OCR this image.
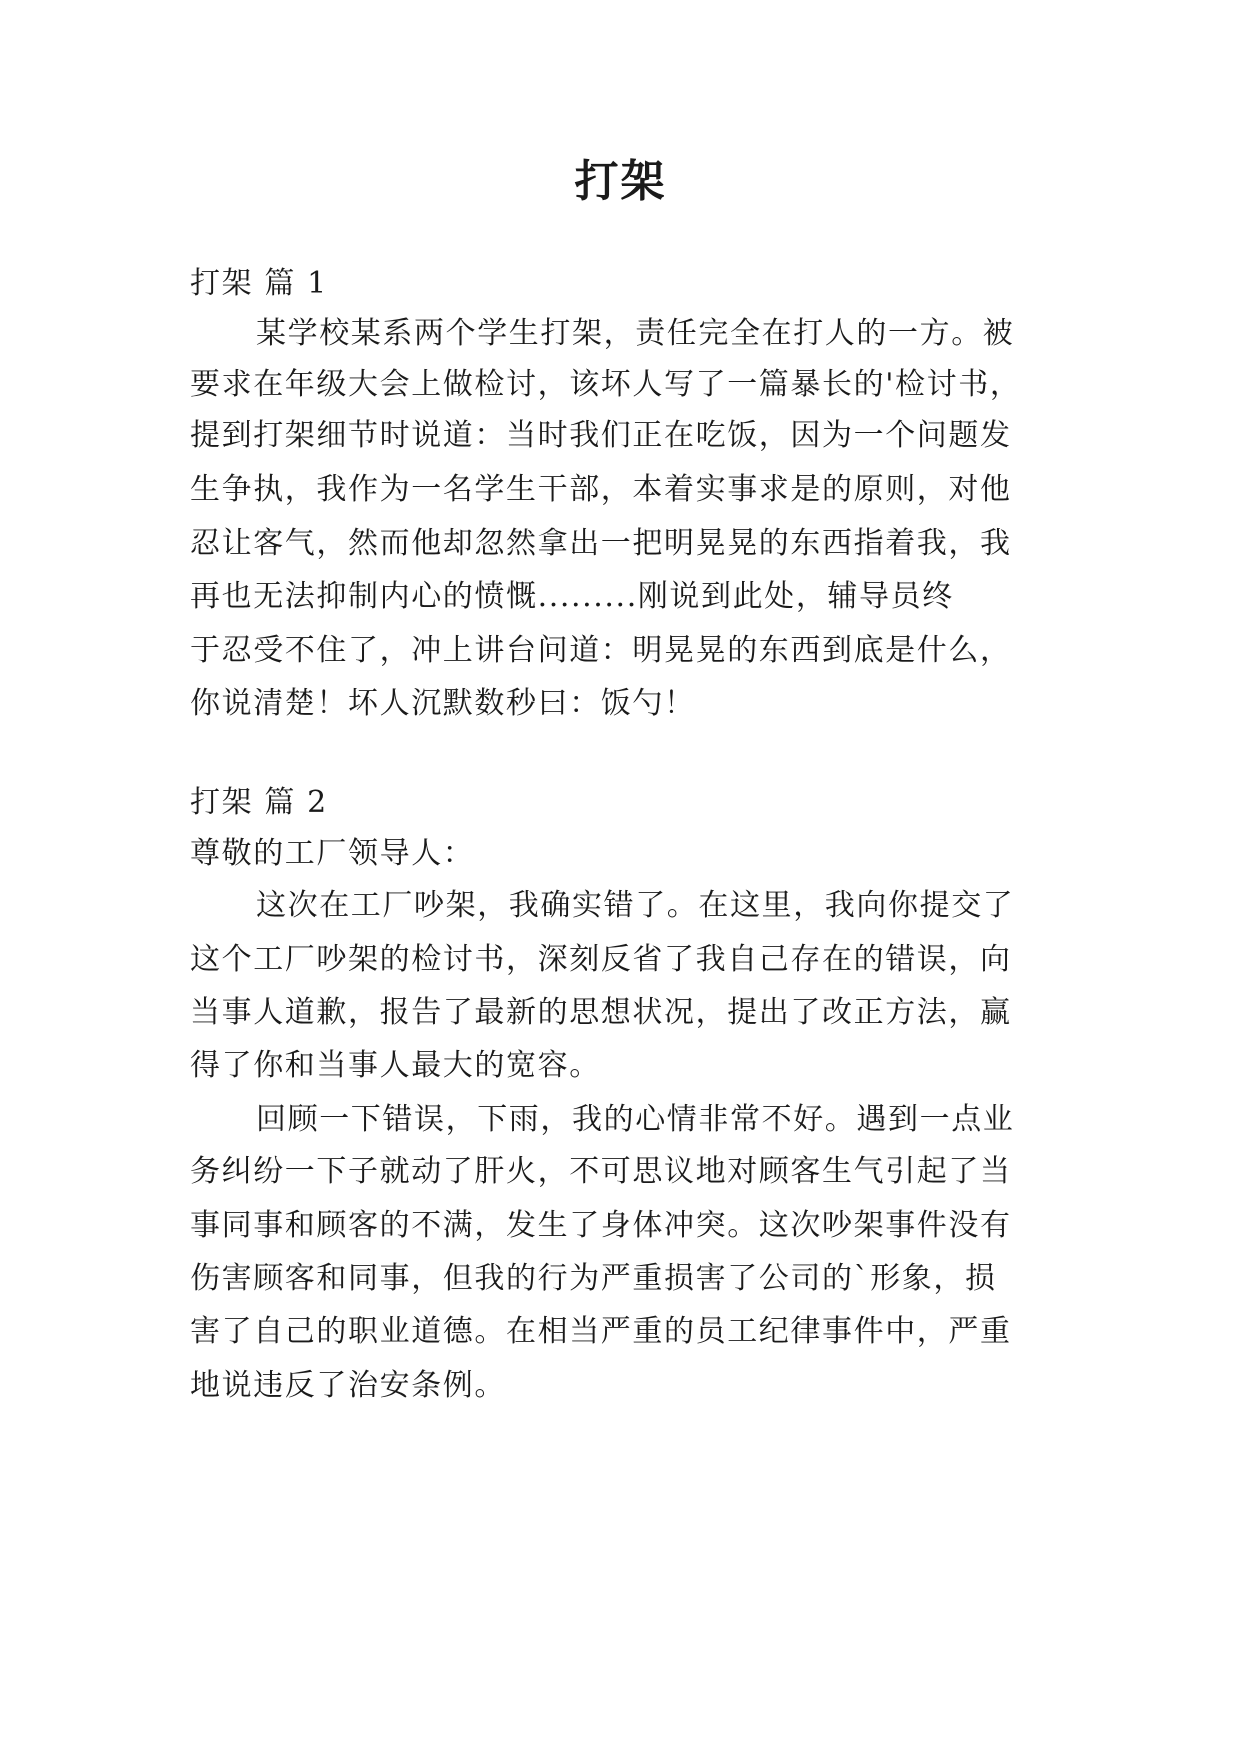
打架
打架 篇 1
某学校某系两个学生打架，责任完全在打人的一方。被
要求在年级大会上做检讨，该坏人写了一篇暴长的'检讨书，
提到打架细节时说道：当时我们正在吃饭，因为一个问题发
生争执，我作为一名学生干部，本着实事求是的原则，对他
忍让客气，然而他却忽然拿出一把明晃晃的东西指着我，我
再也无法抑制内心的愤慨.........刚说到此处，辅导员终
于忍受不住了，冲上讲台问道：明晃晃的东西到底是什么，
你说清楚！坏人沉默数秒曰：饭勺！
打架 篇 2
尊敬的工厂领导人：
这次在工厂吵架，我确实错了。在这里，我向你提交了
这个工厂吵架的检讨书，深刻反省了我自己存在的错误，向
当事人道歉，报告了最新的思想状况，提出了改正方法，赢
得了你和当事人最大的宽容。
回顾一下错误，下雨，我的心情非常不好。遇到一点业
务纠纷一下子就动了肝火，不可思议地对顾客生气引起了当
事同事和顾客的不满，发生了身体冲突。这次吵架事件没有
伤害顾客和同事，但我的行为严重损害了公司的`形象，损
害了自己的职业道德。在相当严重的员工纪律事件中，严重
地说违反了治安条例。
